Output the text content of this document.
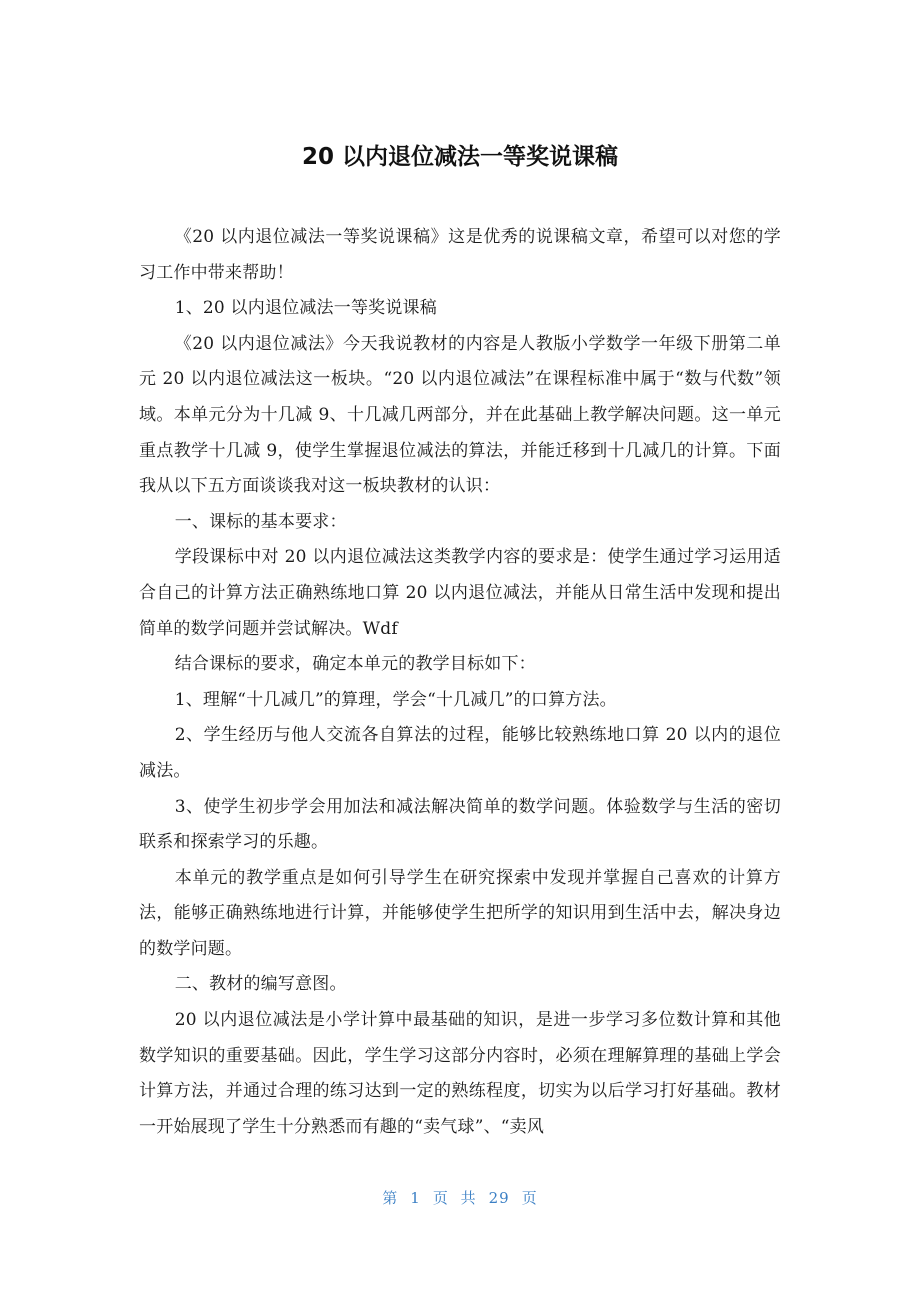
20 以内退位减法一等奖说课稿

《20 以内退位减法一等奖说课稿》这是优秀的说课稿文章，希望可以对您的学习工作中带来帮助！

1、20 以内退位减法一等奖说课稿

《20 以内退位减法》今天我说教材的内容是人教版小学数学一年级下册第二单元 20 以内退位减法这一板块。“20 以内退位减法”在课程标准中属于“数与代数”领域。本单元分为十几减 9、十几减几两部分，并在此基础上教学解决问题。这一单元重点教学十几减 9，使学生掌握退位减法的算法，并能迁移到十几减几的计算。下面我从以下五方面谈谈我对这一板块教材的认识：

一、课标的基本要求：

学段课标中对 20 以内退位减法这类教学内容的要求是：使学生通过学习运用适合自己的计算方法正确熟练地口算 20 以内退位减法，并能从日常生活中发现和提出简单的数学问题并尝试解决。Wdf

结合课标的要求，确定本单元的教学目标如下：

1、理解“十几减几”的算理，学会“十几减几”的口算方法。

2、学生经历与他人交流各自算法的过程，能够比较熟练地口算 20 以内的退位减法。

3、使学生初步学会用加法和减法解决简单的数学问题。体验数学与生活的密切联系和探索学习的乐趣。

本单元的教学重点是如何引导学生在研究探索中发现并掌握自己喜欢的计算方法，能够正确熟练地进行计算，并能够使学生把所学的知识用到生活中去，解决身边的数学问题。

二、教材的编写意图。

20 以内退位减法是小学计算中最基础的知识，是进一步学习多位数计算和其他数学知识的重要基础。因此，学生学习这部分内容时，必须在理解算理的基础上学会计算方法，并通过合理的练习达到一定的熟练程度，切实为以后学习打好基础。教材一开始展现了学生十分熟悉而有趣的“卖气球”、“卖风

第 1 页 共 29 页
